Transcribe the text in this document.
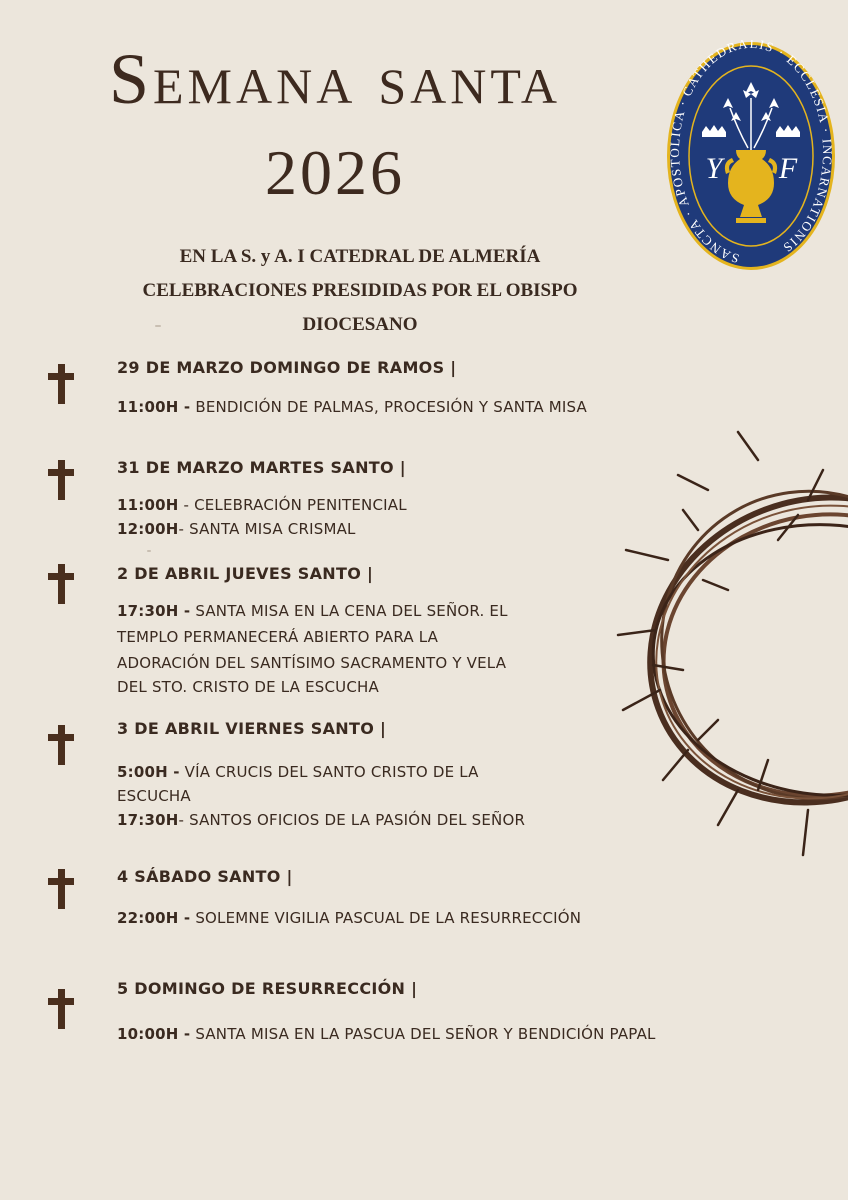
Semana santa
2026
EN LA S. y A. I CATEDRAL DE ALMERÍA
CELEBRACIONES PRESIDIDAS POR EL OBISPO
DIOCESANO
SANCTA · APOSTOLICA · CATHEDRALIS · ECCLESIA · INCARNATIONIS
Y F

29 DE MARZO DOMINGO DE RAMOS |

11:00H - BENDICIÓN DE PALMAS, PROCESIÓN Y SANTA MISA

31 DE MARZO MARTES SANTO |

11:00H - CELEBRACIÓN PENITENCIAL

12:00H- SANTA MISA CRISMAL

2 DE ABRIL JUEVES SANTO |

17:30H - SANTA MISA EN LA CENA DEL SEÑOR. EL

TEMPLO PERMANECERÁ ABIERTO PARA LA

ADORACIÓN DEL SANTÍSIMO SACRAMENTO Y VELA

DEL STO. CRISTO DE LA ESCUCHA

3 DE ABRIL VIERNES SANTO |

5:00H - VÍA CRUCIS DEL SANTO CRISTO DE LA

ESCUCHA

17:30H- SANTOS OFICIOS DE LA PASIÓN DEL SEÑOR

4 SÁBADO SANTO |

22:00H - SOLEMNE VIGILIA PASCUAL DE LA RESURRECCIÓN

5 DOMINGO DE RESURRECCIÓN |

10:00H - SANTA MISA EN LA PASCUA DEL SEÑOR Y BENDICIÓN PAPAL
